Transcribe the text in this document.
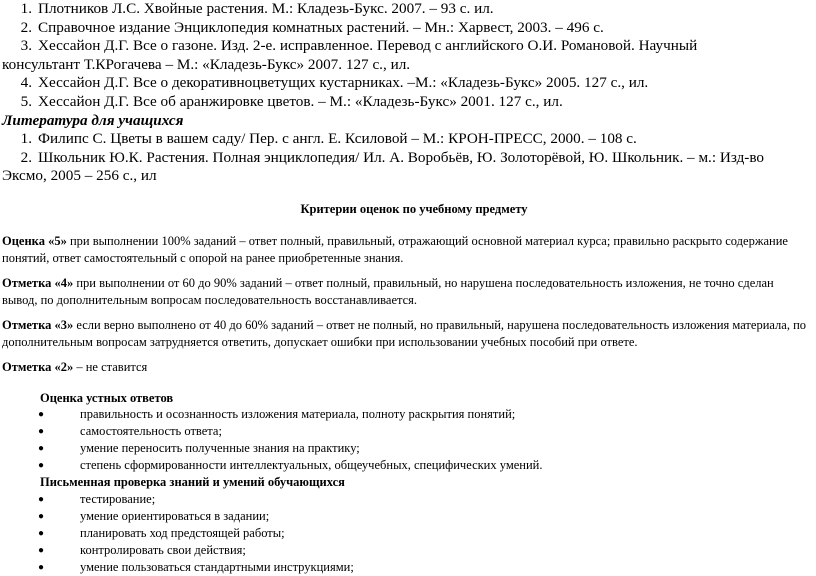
1. Плотников Л.С. Хвойные растения. М.: Кладезь-Букс. 2007. – 93 с. ил.
2. Справочное издание Энциклопедия комнатных растений. – Мн.: Харвест, 2003. – 496 с.
3. Хессайон Д.Г. Все о газоне. Изд. 2-е. исправленное. Перевод с английского О.И. Романовой. Научный
консультант Т.КРогачева – М.: «Кладезь-Букс» 2007. 127 с., ил.
4. Хессайон Д.Г. Все о декоративноцветущих кустарниках. –М.: «Кладезь-Букс» 2005. 127 с., ил.
5. Хессайон Д.Г. Все об аранжировке цветов. – М.: «Кладезь-Букс» 2001. 127 с., ил.
Литература для учащихся
1. Филипс С. Цветы в вашем саду/ Пер. с англ. Е. Ксиловой – М.: КРОН-ПРЕСС, 2000. – 108 с.
2. Школьник Ю.К. Растения. Полная энциклопедия/ Ил. А. Воробьёв, Ю. Золоторёвой, Ю. Школьник. – м.: Изд-во
Эксмо, 2005 – 256 с., ил
Критерии оценок по учебному предмету
Оценка «5» при выполнении 100% заданий – ответ полный, правильный, отражающий основной материал курса; правильно раскрыто содержание понятий, ответ самостоятельный с опорой на ранее приобретенные знания.
Отметка «4» при выполнении от 60 до 90% заданий – ответ полный, правильный, но нарушена последовательность изложения, не точно сделан вывод, по дополнительным вопросам последовательность восстанавливается.
Отметка «3» если верно выполнено от 40 до 60% заданий – ответ не полный, но правильный, нарушена последовательность изложения материала, по дополнительным вопросам затрудняется ответить, допускает ошибки при использовании учебных пособий при ответе.
Отметка «2» – не ставится
Оценка устных ответов
●	правильность и осознанность изложения материала, полноту раскрытия понятий;
●	самостоятельность ответа;
●	умение переносить полученные знания на практику;
●	степень сформированности интеллектуальных, общеучебных, специфических умений.
Письменная проверка знаний и умений обучающихся
●	тестирование;
●	умение ориентироваться в задании;
●	планировать ход предстоящей работы;
●	контролировать свои действия;
●	умение пользоваться стандартными инструкциями;
